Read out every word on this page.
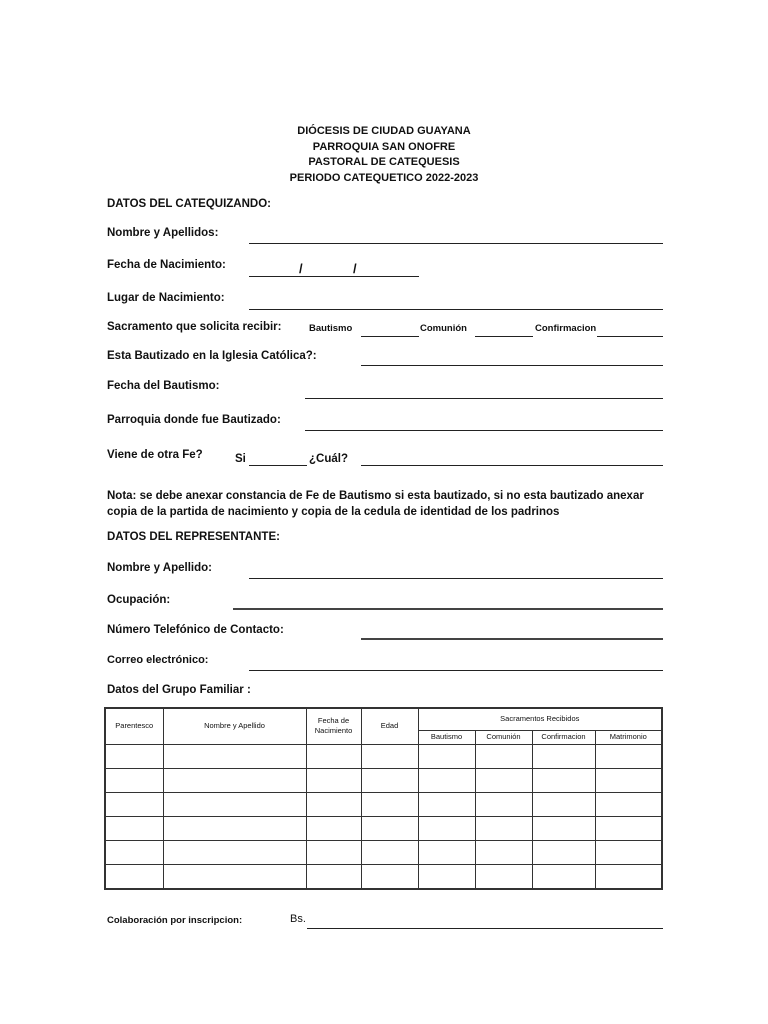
DIÓCESIS DE CIUDAD GUAYANA
PARROQUIA SAN ONOFRE
PASTORAL DE CATEQUESIS
PERIODO CATEQUETICO 2022-2023
DATOS DEL CATEQUIZANDO:
Nombre y Apellidos:
Fecha de Nacimiento:	/	/
Lugar de Nacimiento:
Sacramento que solicita recibir:	Bautismo	Comunión	Confirmacion
Esta Bautizado en la Iglesia Católica?:
Fecha del Bautismo:
Parroquia donde fue Bautizado:
Viene de otra Fe?	Si	¿Cuál?
Nota: se debe anexar constancia de Fe de Bautismo si esta bautizado, si no esta bautizado anexar copia de la partida de nacimiento y copia de la cedula de identidad de los padrinos
DATOS DEL REPRESENTANTE:
Nombre y Apellido:
Ocupación:
Número Telefónico de Contacto:
Correo electrónico:
Datos del Grupo Familiar :
Parentesco	Nombre y Apellido	Fecha de Nacimiento	Edad	Sacramentos Recibidos			
				Bautismo	Comunión	Confirmacion	Matrimonio

Colaboración por inscripcion:	Bs.
